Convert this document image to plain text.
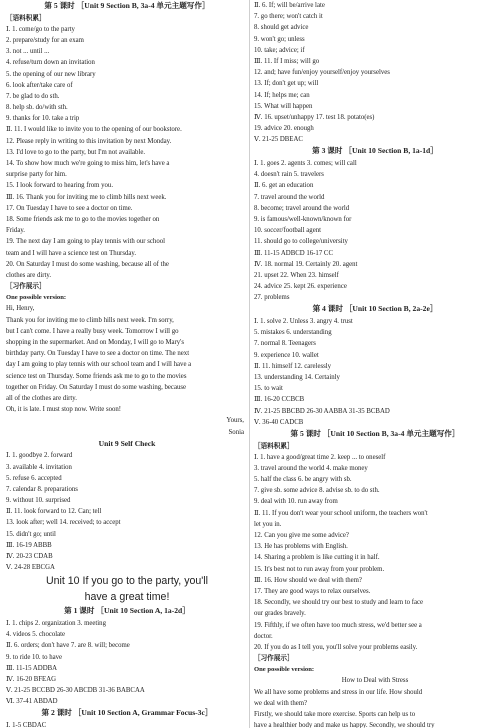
第 5 课时 ［Unit 9 Section B, 3a-4 单元主题写作］
［语料积累］
Ⅰ. 1. come/go to the party
2. prepare/study for an exam
3. not ... until ...
4. refuse/turn down an invitation
5. the opening of our new library
6. look after/take care of
7. be glad to do sth.
8. help sb. do/with sth.
9. thanks for 10. take a trip
Ⅱ. 11. I would like to invite you to the opening of our bookstore.
12. Please reply in writing to this invitation by next Monday.
13. I'd love to go to the party, but I'm not available.
14. To show how much we're going to miss him, let's have a
surprise party for him.
15. I look forward to hearing from you.
Ⅲ. 16. Thank you for inviting me to climb hills next week.
17. On Tuesday I have to see a doctor on time.
18. Some friends ask me to go to the movies together on
Friday.
19. The next day I am going to play tennis with our school
team and I will have a science test on Thursday.
20. On Saturday I must do some washing, because all of the
clothes are dirty.
［习作展示］
One possible version:
Hi, Henry,
Thank you for inviting me to climb hills next week. I'm sorry,
but I can't come. I have a really busy week. Tomorrow I will go
shopping in the supermarket. And on Monday, I will go to Mary's
birthday party. On Tuesday I have to see a doctor on time. The next
day I am going to play tennis with our school team and I will have a
science test on Thursday. Some friends ask me to go to the movies
together on Friday. On Saturday I must do some washing, because
all of the clothes are dirty.
Oh, it is late. I must stop now. Write soon!
Yours,
Sonia
Unit 9 Self Check
Ⅰ. 1. goodbye 2. forward
3. available 4. invitation
5. refuse 6. accepted
7. calendar 8. preparations
9. without 10. surprised
Ⅱ. 11. look forward to 12. Can; tell
13. look after; well 14. received; to accept
15. didn't go; until
Ⅲ. 16-19 ABBB
Ⅳ. 20-23 CDAB
Ⅴ. 24-28 EBCGA
Unit 10 If you go to the party, you'll
have a great time!
第 1 课时 ［Unit 10 Section A, 1a-2d］
Ⅰ. 1. chips 2. organization 3. meeting
4. videos 5. chocolate
Ⅱ. 6. orders; don't have 7. are 8. will; become
9. to ride 10. to have
Ⅲ. 11-15 ADDBA
Ⅳ. 16-20 BFEAG
Ⅴ. 21-25 BCCBD 26-30 ABCDB 31-36 BABCAA
Ⅵ. 37-41 ABDAD
第 2 课时 ［Unit 10 Section A, Grammar Focus-3c］
Ⅰ. 1-5 CBDAC
Ⅱ. 6. If; will be/arrive late
7. go there; won't catch it
8. should get advice
9. won't go; unless
10. take; advice; if
Ⅲ. 11. If I miss; will go
12. and; have fun/enjoy yourself/enjoy yourselves
13. If; don't get up; will
14. If; helps me; can
15. What will happen
Ⅳ. 16. upset/unhappy 17. test 18. potato(es)
19. advice 20. enough
Ⅴ. 21-25 DBEAC
第 3 课时 ［Unit 10 Section B, 1a-1d］
Ⅰ. 1. goes 2. agents 3. comes; will call
4. doesn't rain 5. travelers
Ⅱ. 6. get an education
7. travel around the world
8. become; travel around the world
9. is famous/well-known/known for
10. soccer/football agent
11. should go to college/university
Ⅲ. 11-15 ADBCD 16-17 CC
Ⅳ. 18. normal 19. Certainly 20. agent
21. upset 22. When 23. himself
24. advice 25. kept 26. experience
27. problems
第 4 课时 ［Unit 10 Section B, 2a-2e］
Ⅰ. 1. solve 2. Unless 3. angry 4. trust
5. mistakes 6. understanding
7. normal 8. Teenagers
9. experience 10. wallet
Ⅱ. 11. himself 12. carelessly
13. understanding 14. Certainly
15. to wait
Ⅲ. 16-20 CCBCB
Ⅳ. 21-25 BBCBD 26-30 AABBA 31-35 BCBAD
Ⅴ. 36-40 CADCB
第 5 课时 ［Unit 10 Section B, 3a-4 单元主题写作］
［语料积累］
Ⅰ. 1. have a good/great time 2. keep ... to oneself
3. travel around the world 4. make money
5. half the class 6. be angry with sb.
7. give sb. some advice 8. advise sb. to do sth.
9. deal with 10. run away from
Ⅱ. 11. If you don't wear your school uniform, the teachers won't
let you in.
12. Can you give me some advice?
13. He has problems with English.
14. Sharing a problem is like cutting it in half.
15. It's best not to run away from your problem.
Ⅲ. 16. How should we deal with them?
17. They are good ways to relax ourselves.
18. Secondly, we should try our best to study and learn to face
our grades bravely.
19. Fifthly, if we often have too much stress, we'd better see a
doctor.
20. If you do as I tell you, you'll solve your problems easily.
［习作展示］
One possible version:
How to Deal with Stress
We all have some problems and stress in our life. How should
we deal with them?
Firstly, we should take more exercise. Sports can help us to
have a healthier body and make us happy. Secondly, we should try
